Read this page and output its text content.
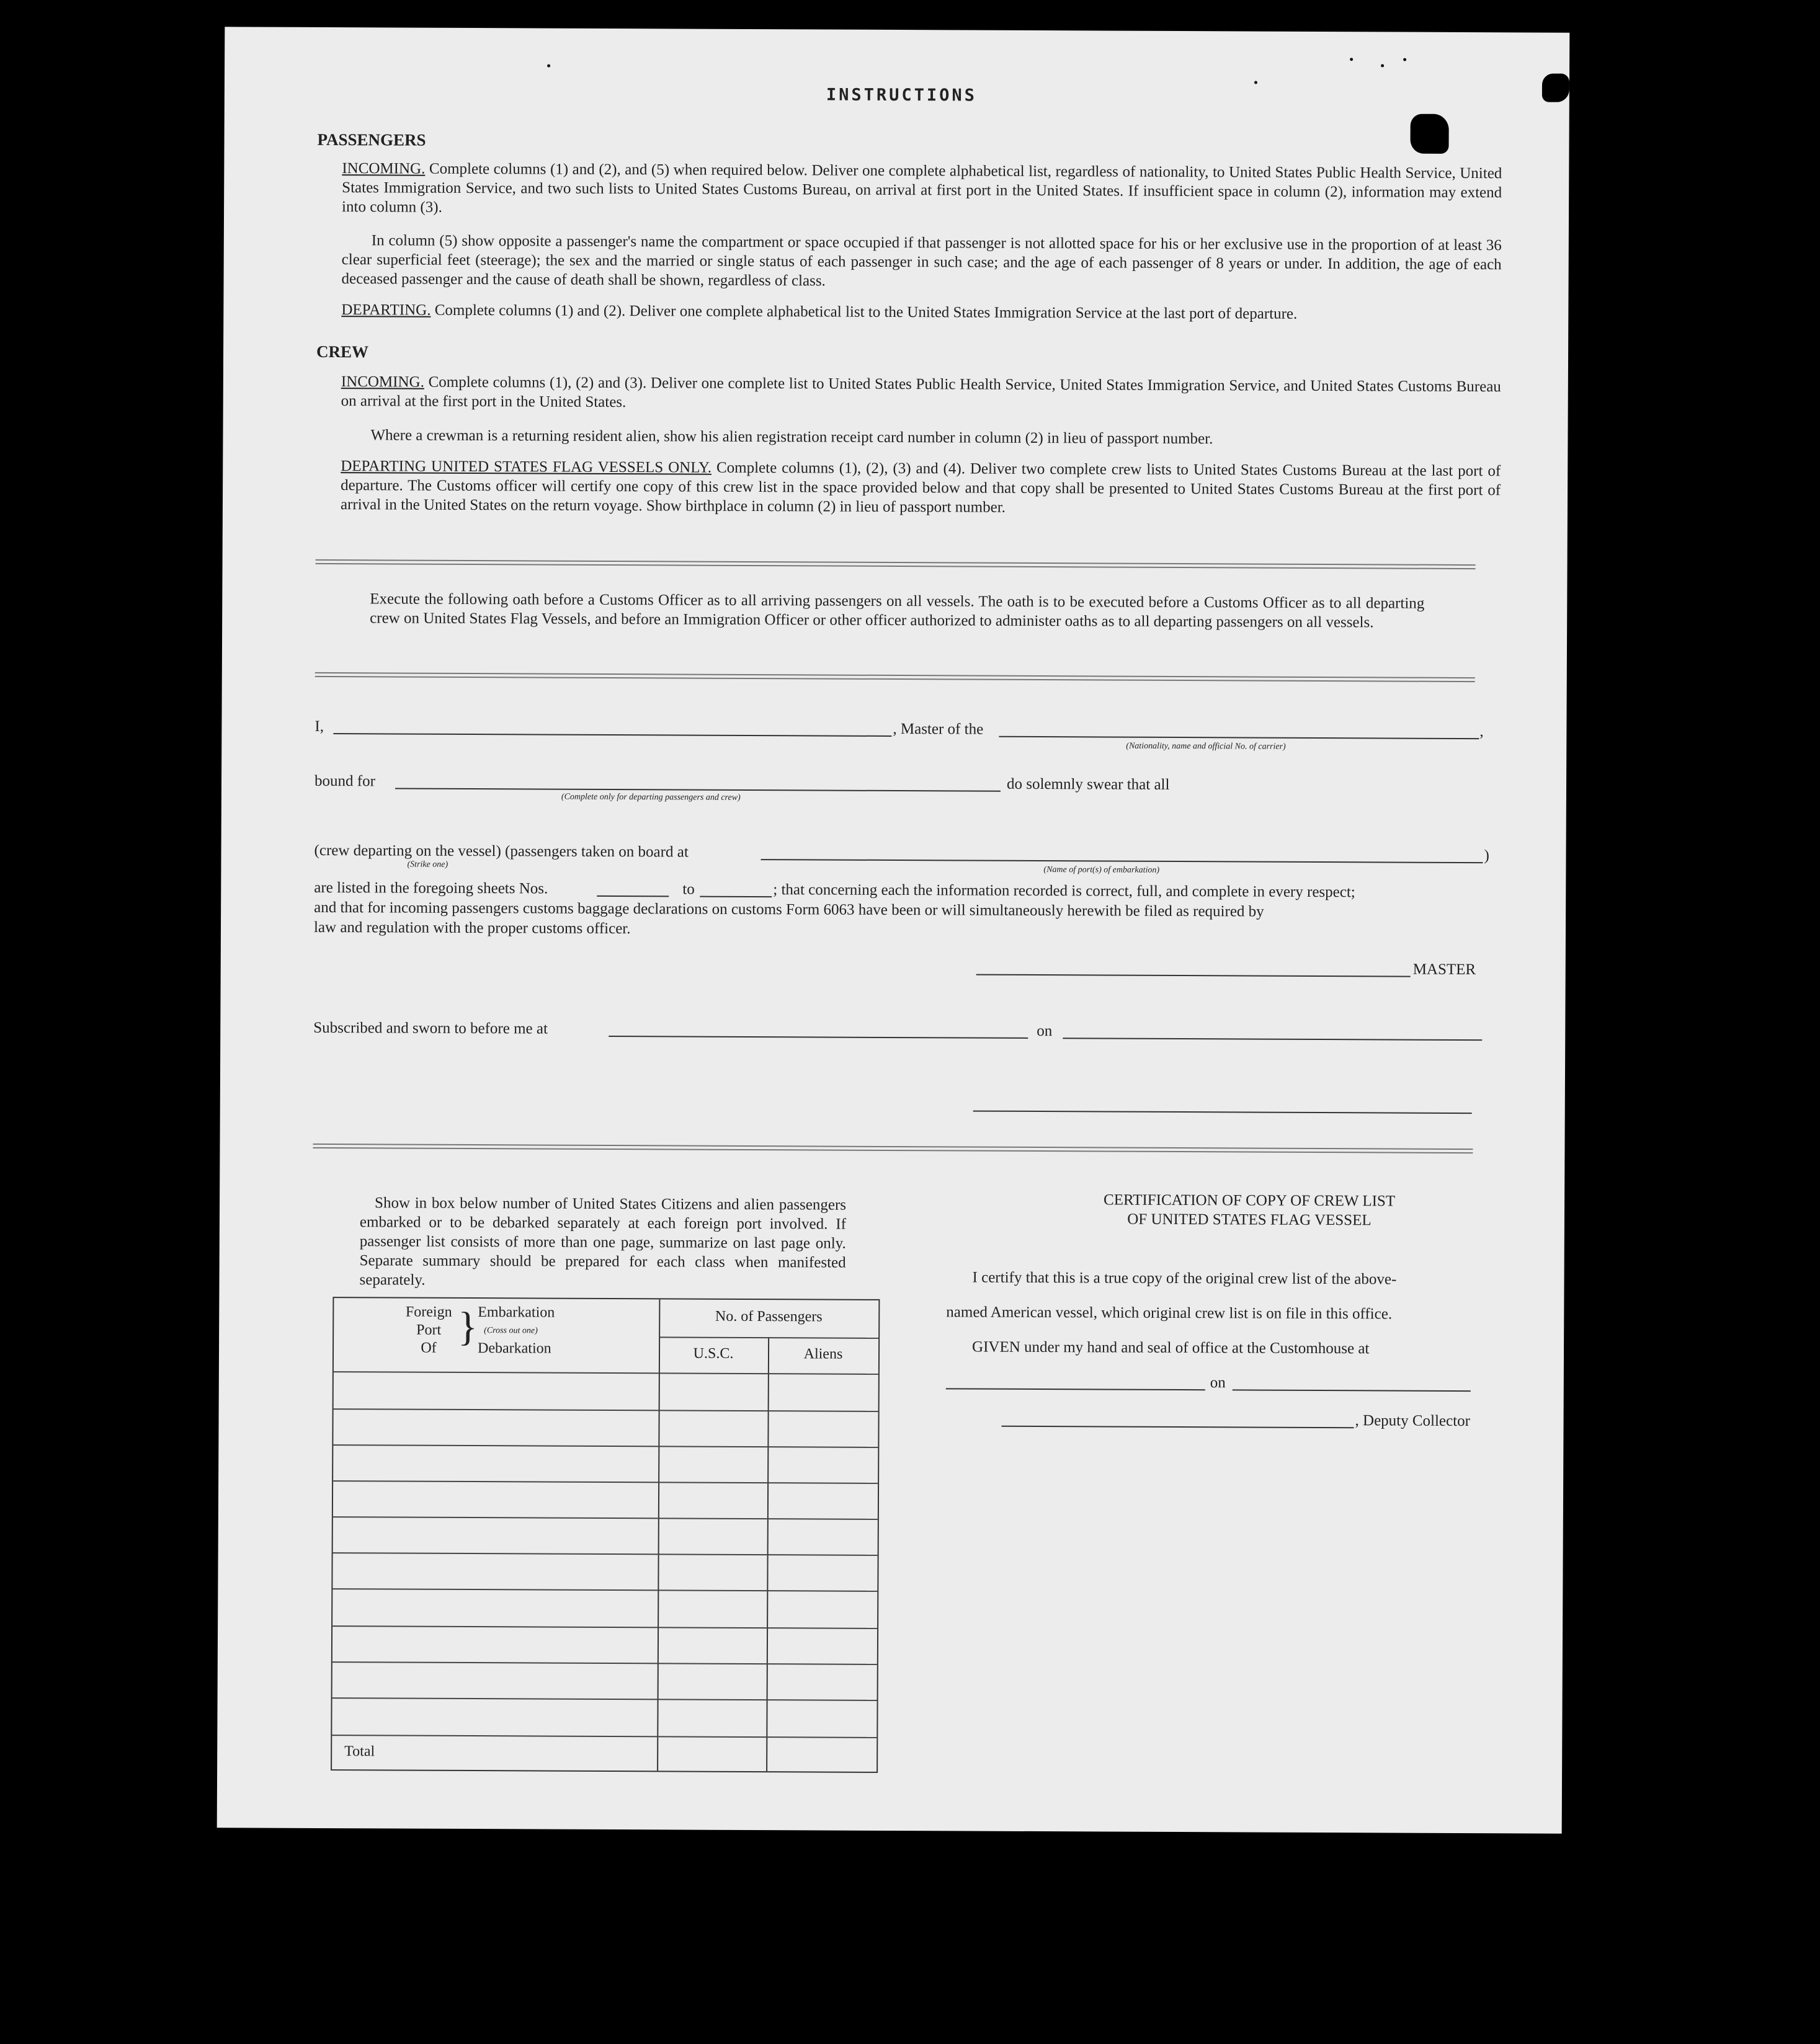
INSTRUCTIONS
PASSENGERS
INCOMING. Complete columns (1) and (2), and (5) when required below. Deliver one complete alphabetical list, regardless of nationality, to United States Public Health Service, United States Immigration Service, and two such lists to United States Customs Bureau, on arrival at first port in the United States. If insufficient space in column (2), information may extend into column (3).
In column (5) show opposite a passenger's name the compartment or space occupied if that passenger is not allotted space for his or her exclusive use in the proportion of at least 36 clear superficial feet (steerage); the sex and the married or single status of each passenger in such case; and the age of each passenger of 8 years or under. In addition, the age of each deceased passenger and the cause of death shall be shown, regardless of class.
DEPARTING. Complete columns (1) and (2). Deliver one complete alphabetical list to the United States Immigration Service at the last port of departure.
CREW
INCOMING. Complete columns (1), (2) and (3). Deliver one complete list to United States Public Health Service, United States Immigration Service, and United States Customs Bureau on arrival at the first port in the United States.
Where a crewman is a returning resident alien, show his alien registration receipt card number in column (2) in lieu of passport number.
DEPARTING UNITED STATES FLAG VESSELS ONLY. Complete columns (1), (2), (3) and (4). Deliver two complete crew lists to United States Customs Bureau at the last port of departure. The Customs officer will certify one copy of this crew list in the space provided below and that copy shall be presented to United States Customs Bureau at the first port of arrival in the United States on the return voyage. Show birthplace in column (2) in lieu of passport number.
Execute the following oath before a Customs Officer as to all arriving passengers on all vessels. The oath is to be executed before a Customs Officer as to all departing crew on United States Flag Vessels, and before an Immigration Officer or other officer authorized to administer oaths as to all departing passengers on all vessels.
I,	, Master of the	,
(Nationality, name and official No. of carrier)
bound for
(Complete only for departing passengers and crew)
do solemnly swear that all
(crew departing on the vessel) (passengers taken on board at	)
(Strike one)
(Name of port(s) of embarkation)
are listed in the foregoing sheets Nos.	to	; that concerning each the information recorded is correct, full, and complete in every respect;
and that for incoming passengers customs baggage declarations on customs Form 6063 have been or will simultaneously herewith be filed as required by
law and regulation with the proper customs officer.
MASTER
Subscribed and sworn to before me at	on
Show in box below number of United States Citizens and alien passengers embarked or to be debarked separately at each foreign port involved. If passenger list consists of more than one page, summarize on last page only. Separate summary should be prepared for each class when manifested separately.
Foreign
Port
Of } Embarkation
(Cross out one)
Debarkation
No. of Passengers
U.S.C.	Aliens
Total
CERTIFICATION OF COPY OF CREW LIST
OF UNITED STATES FLAG VESSEL
I certify that this is a true copy of the original crew list of the above-
named American vessel, which original crew list is on file in this office.
GIVEN under my hand and seal of office at the Customhouse at
on
, Deputy Collector
